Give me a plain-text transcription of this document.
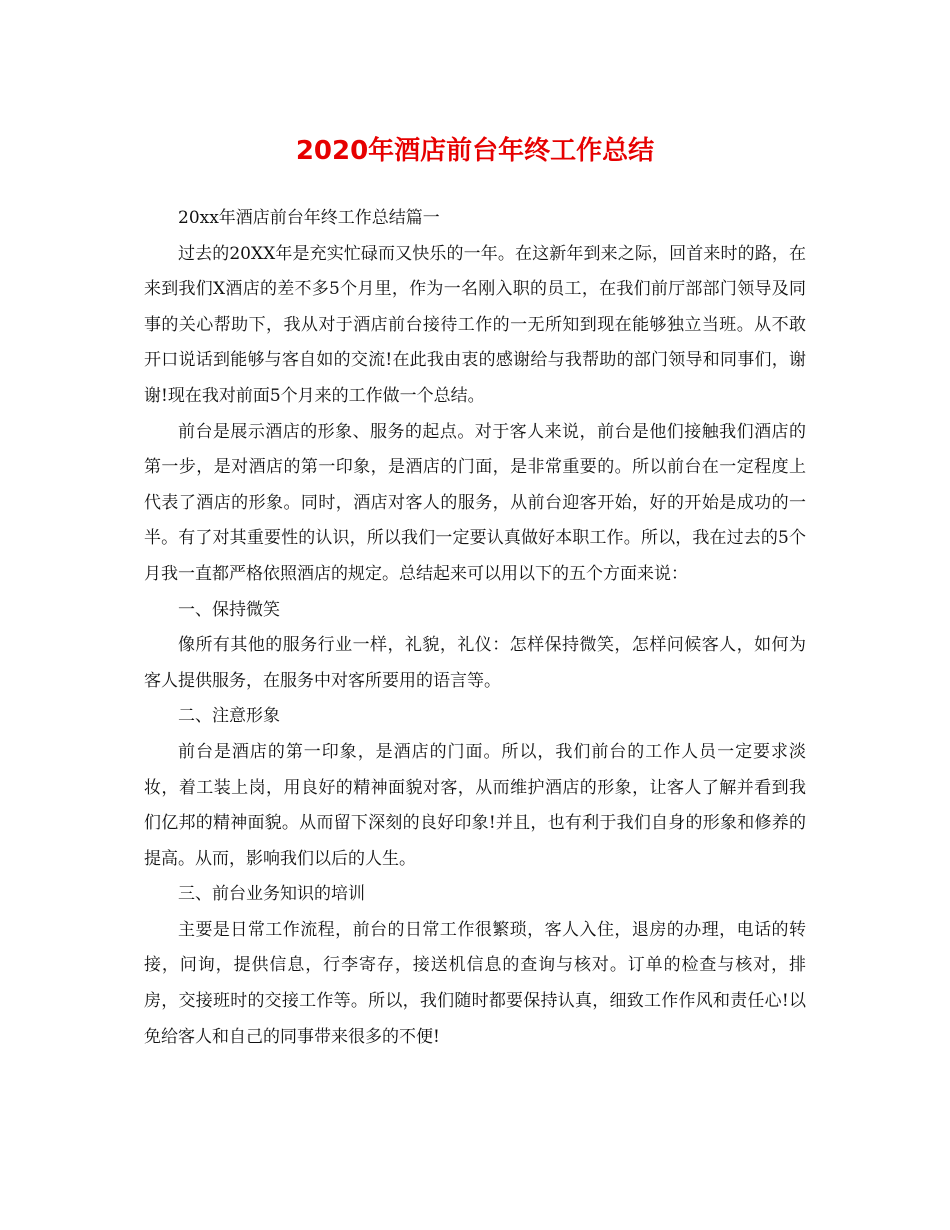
2020年酒店前台年终工作总结

20xx年酒店前台年终工作总结篇一

过去的20XX年是充实忙碌而又快乐的一年。在这新年到来之际，回首来时的路，在来到我们X酒店的差不多5个月里，作为一名刚入职的员工，在我们前厅部部门领导及同事的关心帮助下，我从对于酒店前台接待工作的一无所知到现在能够独立当班。从不敢开口说话到能够与客自如的交流!在此我由衷的感谢给与我帮助的部门领导和同事们，谢谢!现在我对前面5个月来的工作做一个总结。

前台是展示酒店的形象、服务的起点。对于客人来说，前台是他们接触我们酒店的第一步，是对酒店的第一印象，是酒店的门面，是非常重要的。所以前台在一定程度上代表了酒店的形象。同时，酒店对客人的服务，从前台迎客开始，好的开始是成功的一半。有了对其重要性的认识，所以我们一定要认真做好本职工作。所以，我在过去的5个月我一直都严格依照酒店的规定。总结起来可以用以下的五个方面来说：

一、保持微笑

像所有其他的服务行业一样，礼貌，礼仪：怎样保持微笑，怎样问候客人，如何为客人提供服务，在服务中对客所要用的语言等。

二、注意形象

前台是酒店的第一印象，是酒店的门面。所以，我们前台的工作人员一定要求淡妆，着工装上岗，用良好的精神面貌对客，从而维护酒店的形象，让客人了解并看到我们亿邦的精神面貌。从而留下深刻的良好印象!并且，也有利于我们自身的形象和修养的提高。从而，影响我们以后的人生。

三、前台业务知识的培训

主要是日常工作流程，前台的日常工作很繁琐，客人入住，退房的办理，电话的转接，问询，提供信息，行李寄存，接送机信息的查询与核对。订单的检查与核对，排房，交接班时的交接工作等。所以，我们随时都要保持认真，细致工作作风和责任心!以免给客人和自己的同事带来很多的不便!
